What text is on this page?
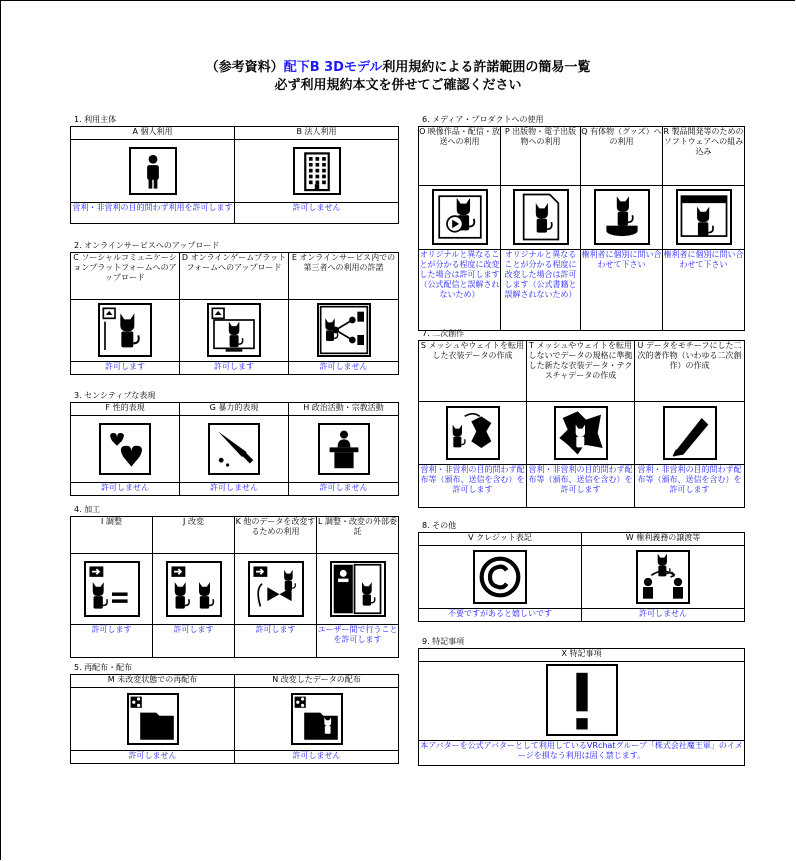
（参考資料）配下B 3Dモデル利用規約による許諾範囲の簡易一覧
必ず利用規約本文を併せてご確認ください
1. 利用主体
A 個人利用	B 法人利用

営利・非営利の目的問わず利用を許可します	許可しません
2. オンラインサービスへのアップロード
C ソーシャルコミュニケーションプラットフォームへのアップロード	D オンラインゲームプラットフォームへのアップロード	E オンラインサービス内での第三者への利用の許諾

許可します	許可します	許可しません
3. センシティブな表現
F 性的表現	G 暴力的表現	H 政治活動・宗教活動

許可しません	許可しません	許可しません
4. 加工
I 調整	J 改変	K 他のデータを改変するための利用	L 調整・改変の外部委託

許可します	許可します	許可します	ユーザー間で行うことを許可します
5. 再配布・配布
M 未改変状態での再配布	N 改変したデータの配布

許可しません	許可しません
6. メディア・プロダクトへの使用
O 映像作品・配信・放送への利用	P 出版物・電子出版物への利用	Q 有体物（グッズ）への利用	R 製品開発等のためのソフトウェアへの組み込み

オリジナルと異なることが分かる程度に改変した場合は許可します（公式配信と誤解されないため）	オリジナルと異なることが分かる程度に改変した場合は許可します（公式書籍と誤解されないため）	権利者に個別に問い合わせて下さい	権利者に個別に問い合わせて下さい
7. 二次創作
S メッシュやウェイトを転用した衣装データの作成	T メッシュやウェイトを転用しないでデータの規格に準拠した新たな衣装データ・テクスチャデータの作成	U データをモチーフにした二次的著作物（いわゆる二次創作）の作成

営利・非営利の目的問わず配布等（頒布、送信を含む）を許可します	営利・非営利の目的問わず配布等（頒布、送信を含む）を許可します	営利・非営利の目的問わず配布等（頒布、送信を含む）を許可します
8. その他
V クレジット表記	W 権利義務の譲渡等

不要ですがあると嬉しいです	許可しません
9. 特記事項
X 特記事項

本アバターを公式アバターとして利用しているVRchatグループ「株式会社魔王軍」のイメージを損なう利用は固く禁じます。
